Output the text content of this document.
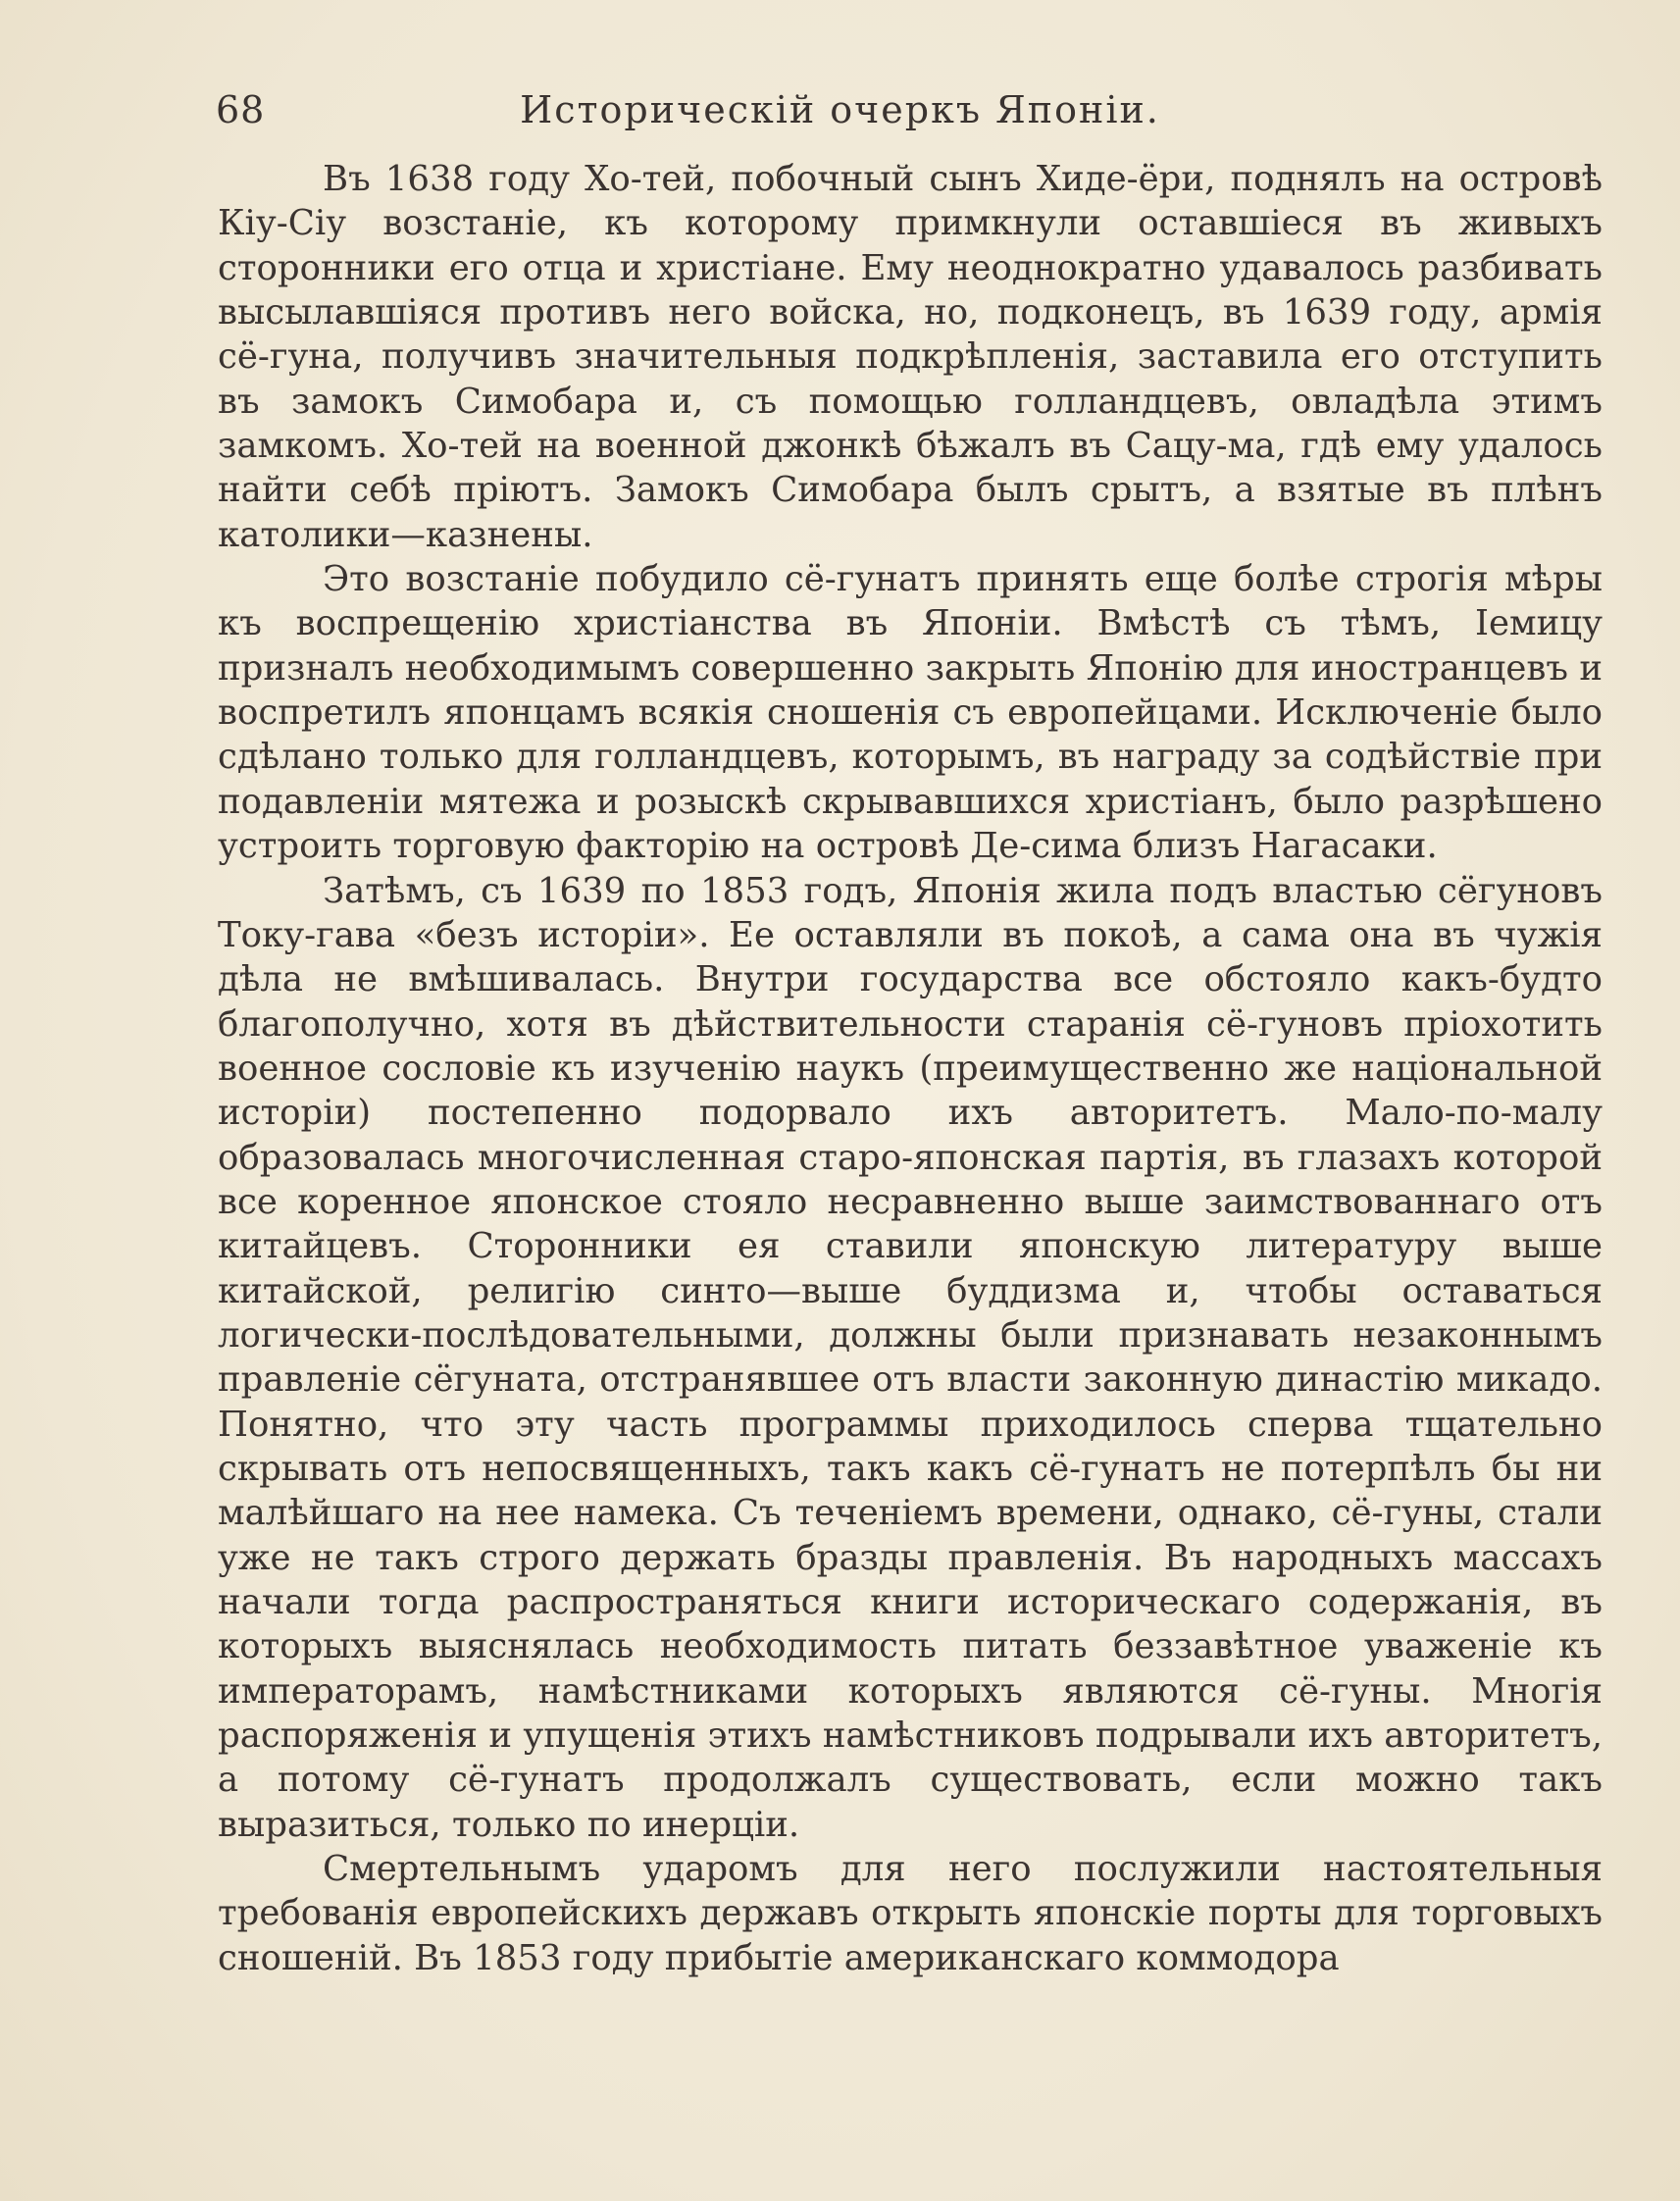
68	Историческій очеркъ Японіи.

Въ 1638 году Хо-тей, побочный сынъ Хиде-ёри, поднялъ на островѣ Кіу-Сіу возстаніе, къ которому примкнули оставшіеся въ живыхъ сторонники его отца и христіане. Ему неоднократно удавалось разбивать высылавшіяся противъ него войска, но, подконецъ, въ 1639 году, армія сё-гуна, получивъ значительныя подкрѣпленія, заставила его отступить въ замокъ Симобара и, съ помощью голландцевъ, овладѣла этимъ замкомъ. Хо-тей на военной джонкѣ бѣжалъ въ Сацу-ма, гдѣ ему удалось найти себѣ пріютъ. Замокъ Симобара былъ срытъ, а взятые въ плѣнъ католики—казнены.

Это возстаніе побудило сё-гунатъ принять еще болѣе строгія мѣры къ воспрещенію христіанства въ Японіи. Вмѣстѣ съ тѣмъ, Іемицу призналъ необходимымъ совершенно закрыть Японію для иностранцевъ и воспретилъ японцамъ всякія сношенія съ европейцами. Исключеніе было сдѣлано только для голландцевъ, которымъ, въ награду за содѣйствіе при подавленіи мятежа и розыскѣ скрывавшихся христіанъ, было разрѣшено устроить торговую факторію на островѣ Де-сима близъ Нагасаки.

Затѣмъ, съ 1639 по 1853 годъ, Японія жила подъ властью сёгуновъ Току-гава «безъ исторіи». Ее оставляли въ покоѣ, а сама она въ чужія дѣла не вмѣшивалась. Внутри государства все обстояло какъ-будто благополучно, хотя въ дѣйствительности старанія сё-гуновъ пріохотить военное сословіе къ изученію наукъ (преимущественно же національной исторіи) постепенно подорвало ихъ авторитетъ. Мало-по-малу образовалась многочисленная старо-японская партія, въ глазахъ которой все коренное японское стояло несравненно выше заимствованнаго отъ китайцевъ. Сторонники ея ставили японскую литературу выше китайской, религію синто—выше буддизма и, чтобы оставаться логически-послѣдовательными, должны были признавать незаконнымъ правленіе сёгуната, отстранявшее отъ власти законную династію микадо. Понятно, что эту часть программы приходилось сперва тщательно скрывать отъ непосвященныхъ, такъ какъ сё-гунатъ не потерпѣлъ бы ни малѣйшаго на нее намека. Съ теченіемъ времени, однако, сё-гуны, стали уже не такъ строго держать бразды правленія. Въ народныхъ массахъ начали тогда распространяться книги историческаго содержанія, въ которыхъ выяснялась необходимость питать беззавѣтное уваженіе къ императорамъ, намѣстниками которыхъ являются сё-гуны. Многія распоряженія и упущенія этихъ намѣстниковъ подрывали ихъ авторитетъ, а потому сё-гунатъ продолжалъ существовать, если можно такъ выразиться, только по инерціи.

Смертельнымъ ударомъ для него послужили настоятельныя требованія европейскихъ державъ открыть японскіе порты для торговыхъ сношеній. Въ 1853 году прибытіе американскаго коммодора
